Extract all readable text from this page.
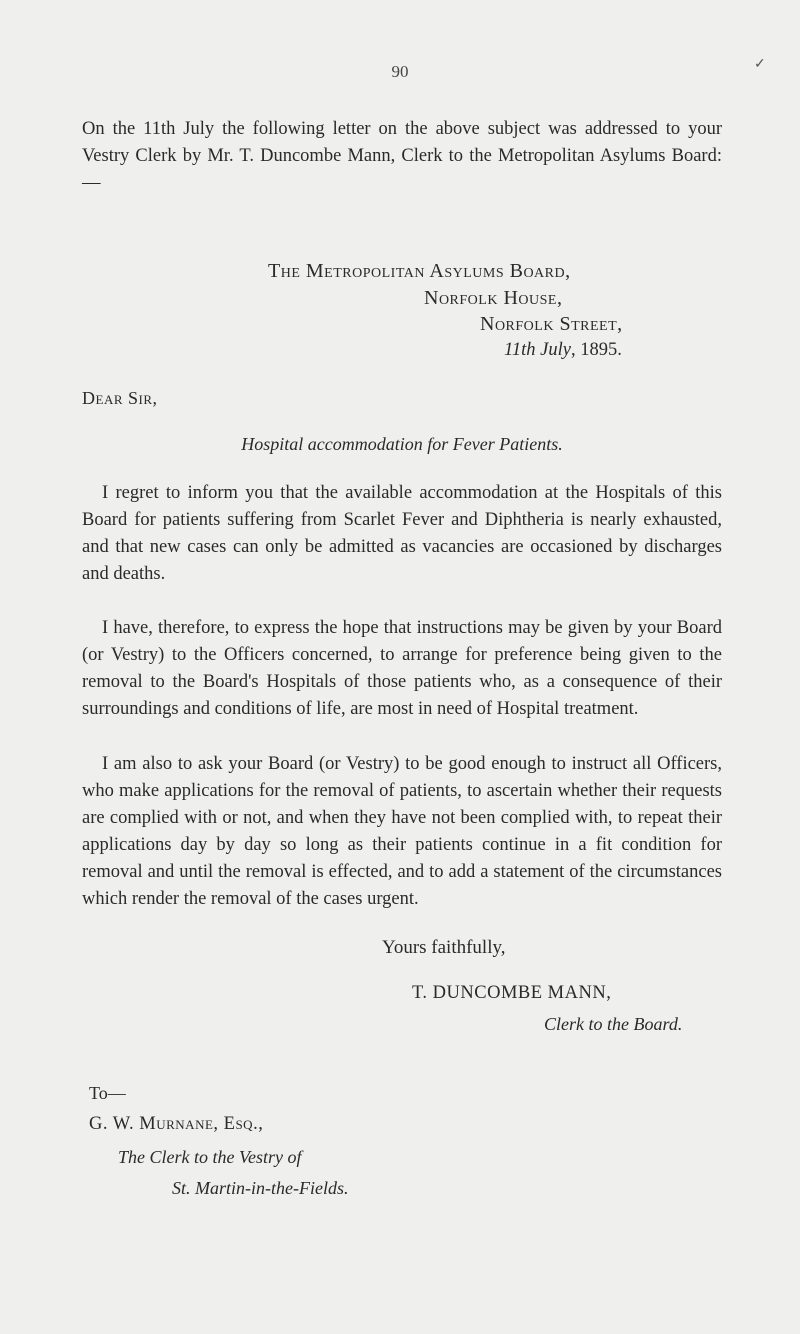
90	✓
On the 11th July the following letter on the above subject was addressed to your Vestry Clerk by Mr. T. Duncombe Mann, Clerk to the Metropolitan Asylums Board:—
The Metropolitan Asylums Board,
Norfolk House,
Norfolk Street,
11th July, 1895.
Dear Sir,
Hospital accommodation for Fever Patients.

I regret to inform you that the available accommodation at the Hospitals of this Board for patients suffering from Scarlet Fever and Diphtheria is nearly exhausted, and that new cases can only be admitted as vacancies are occasioned by discharges and deaths.

I have, therefore, to express the hope that instructions may be given by your Board (or Vestry) to the Officers concerned, to arrange for preference being given to the removal to the Board's Hospitals of those patients who, as a consequence of their surroundings and conditions of life, are most in need of Hospital treatment.

I am also to ask your Board (or Vestry) to be good enough to instruct all Officers, who make applications for the removal of patients, to ascertain whether their requests are complied with or not, and when they have not been complied with, to repeat their applications day by day so long as their patients continue in a fit condition for removal and until the removal is effected, and to add a statement of the circumstances which render the removal of the cases urgent.

Yours faithfully,
T. DUNCOMBE MANN,
Clerk to the Board.
To—
G. W. Murnane, Esq.,
The Clerk to the Vestry of
St. Martin-in-the-Fields.
